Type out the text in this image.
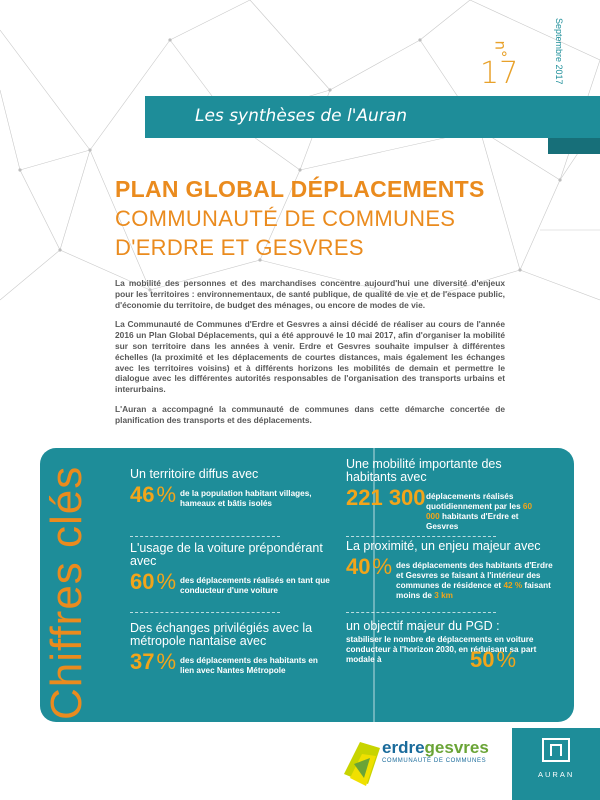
n°
17	Septembre 2017
Les synthèses de l'Auran
PLAN GLOBAL DÉPLACEMENTS
COMMUNAUTÉ DE COMMUNES
D'ERDRE ET GESVRES

La mobilité des personnes et des marchandises concentre aujourd'hui une diversité d'enjeux pour les territoires : environnementaux, de santé publique, de qualité de vie et de l'espace public, d'économie du territoire, de budget des ménages, ou encore de modes de vie.

La Communauté de Communes d'Erdre et Gesvres a ainsi décidé de réaliser au cours de l'année 2016 un Plan Global Déplacements, qui a été approuvé le 10 mai 2017, afin d'organiser la mobilité sur son territoire dans les années à venir. Erdre et Gesvres souhaite impulser à différentes échelles (la proximité et les déplacements de courtes distances, mais également les échanges avec les territoires voisins) et à différents horizons les mobilités de demain et permettre le dialogue avec les différentes autorités responsables de l'organisation des transports urbains et interurbains.

L'Auran a accompagné la communauté de communes dans cette démarche concertée de planification des transports et des déplacements.

Un territoire diffus avec
46% de la population habitant villages, hameaux et bâtis isolés
L'usage de la voiture prépondérant avec
60% des déplacements réalisés en tant que conducteur d'une voiture
Des échanges privilégiés avec la métropole nantaise avec
37% des déplacements des habitants en lien avec Nantes Métropole
Une mobilité importante des habitants avec
221 300 déplacements réalisés quotidiennement par les 60 000 habitants d'Erdre et Gesvres
La proximité, un enjeu majeur avec
40% des déplacements des habitants d'Erdre et Gesvres se faisant à l'intérieur des communes de résidence et 42 % faisant moins de 3 km
un objectif majeur du PGD :
stabiliser le nombre de déplacements en voiture conducteur à l'horizon 2030, en réduisant sa part modale à	50%
Chiffres clés
erdregesvres
COMMUNAUTÉ DE COMMUNES
AURAN
